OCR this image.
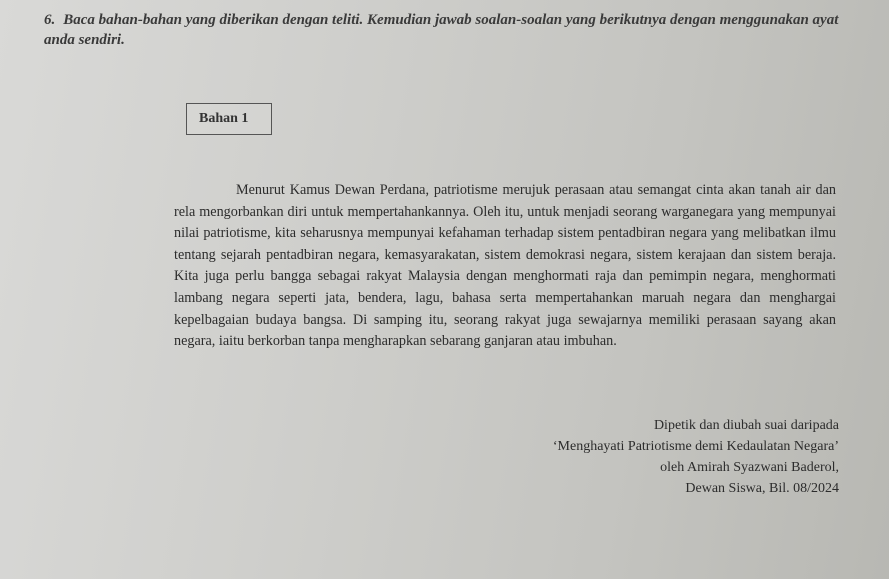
6. Baca bahan-bahan yang diberikan dengan teliti. Kemudian jawab soalan-soalan yang berikutnya dengan menggunakan ayat anda sendiri.
Bahan 1
Menurut Kamus Dewan Perdana, patriotisme merujuk perasaan atau semangat cinta akan tanah air dan rela mengorbankan diri untuk mempertahankannya. Oleh itu, untuk menjadi seorang warganegara yang mempunyai nilai patriotisme, kita seharusnya mempunyai kefahaman terhadap sistem pentadbiran negara yang melibatkan ilmu tentang sejarah pentadbiran negara, kemasyarakatan, sistem demokrasi negara, sistem kerajaan dan sistem beraja. Kita juga perlu bangga sebagai rakyat Malaysia dengan menghormati raja dan pemimpin negara, menghormati lambang negara seperti jata, bendera, lagu, bahasa serta mempertahankan maruah negara dan menghargai kepelbagaian budaya bangsa. Di samping itu, seorang rakyat juga sewajarnya memiliki perasaan sayang akan negara, iaitu berkorban tanpa mengharapkan sebarang ganjaran atau imbuhan.
Dipetik dan diubah suai daripada
‘Menghayati Patriotisme demi Kedaulatan Negara’
oleh Amirah Syazwani Baderol,
Dewan Siswa, Bil. 08/2024
